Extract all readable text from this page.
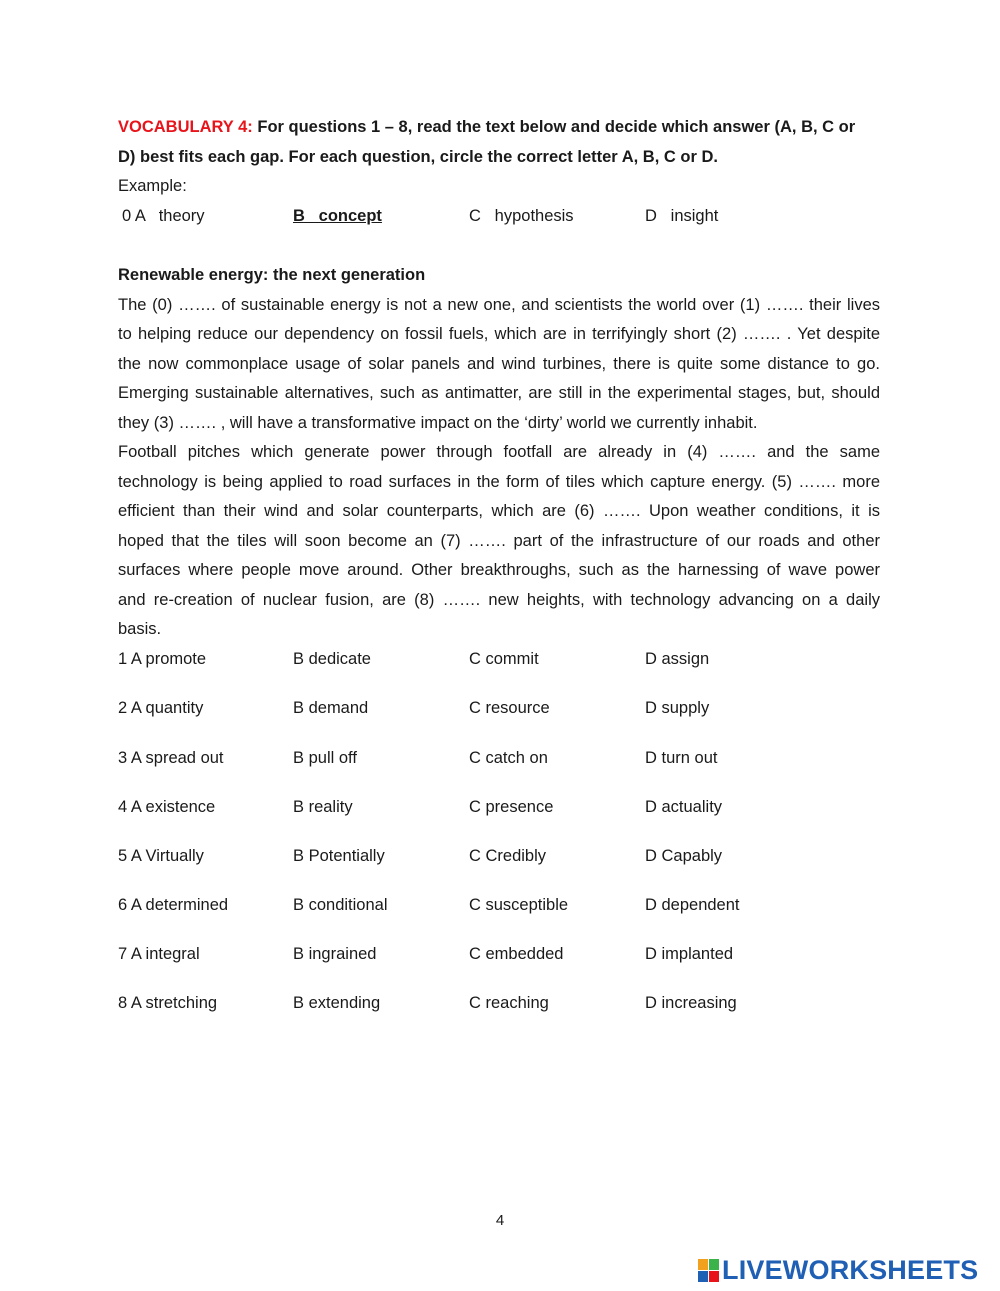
VOCABULARY 4: For questions 1 – 8, read the text below and decide which answer (A, B, C or
D) best fits each gap. For each question, circle the correct letter A, B, C or D.
Example:
0 A   theory	B   concept	C   hypothesis	D   insight
Renewable energy: the next generation
The (0) ……. of sustainable energy is not a new one, and scientists the world over (1) ……. their lives
to helping reduce our dependency on fossil fuels, which are in terrifyingly short (2) ……. . Yet despite
the now commonplace usage of solar panels and wind turbines, there is quite some distance to go.
Emerging sustainable alternatives, such as antimatter, are still in the experimental stages, but, should
they (3) ……. , will have a transformative impact on the ‘dirty’ world we currently inhabit.
Football pitches which generate power through footfall are already in (4) ……. and the same
technology is being applied to road surfaces in the form of tiles which capture energy. (5) ……. more
efficient than their wind and solar counterparts, which are (6) ……. Upon weather conditions, it is
hoped that the tiles will soon become an (7) ……. part of the infrastructure of our roads and other
surfaces where people move around. Other breakthroughs, such as the harnessing of wave power
and re-creation of nuclear fusion, are (8) ……. new heights, with technology advancing on a daily
basis.
1 A promote	B dedicate	C commit	D assign
2 A quantity	B demand	C resource	D supply
3 A spread out	B pull off	C catch on	D turn out
4 A existence	B reality	C presence	D actuality
5 A Virtually	B Potentially	C Credibly	D Capably
6 A determined	B conditional	C susceptible	D dependent
7 A integral	B ingrained	C embedded	D implanted
8 A stretching	B extending	C reaching	D increasing
4
LIVEWORKSHEETS
